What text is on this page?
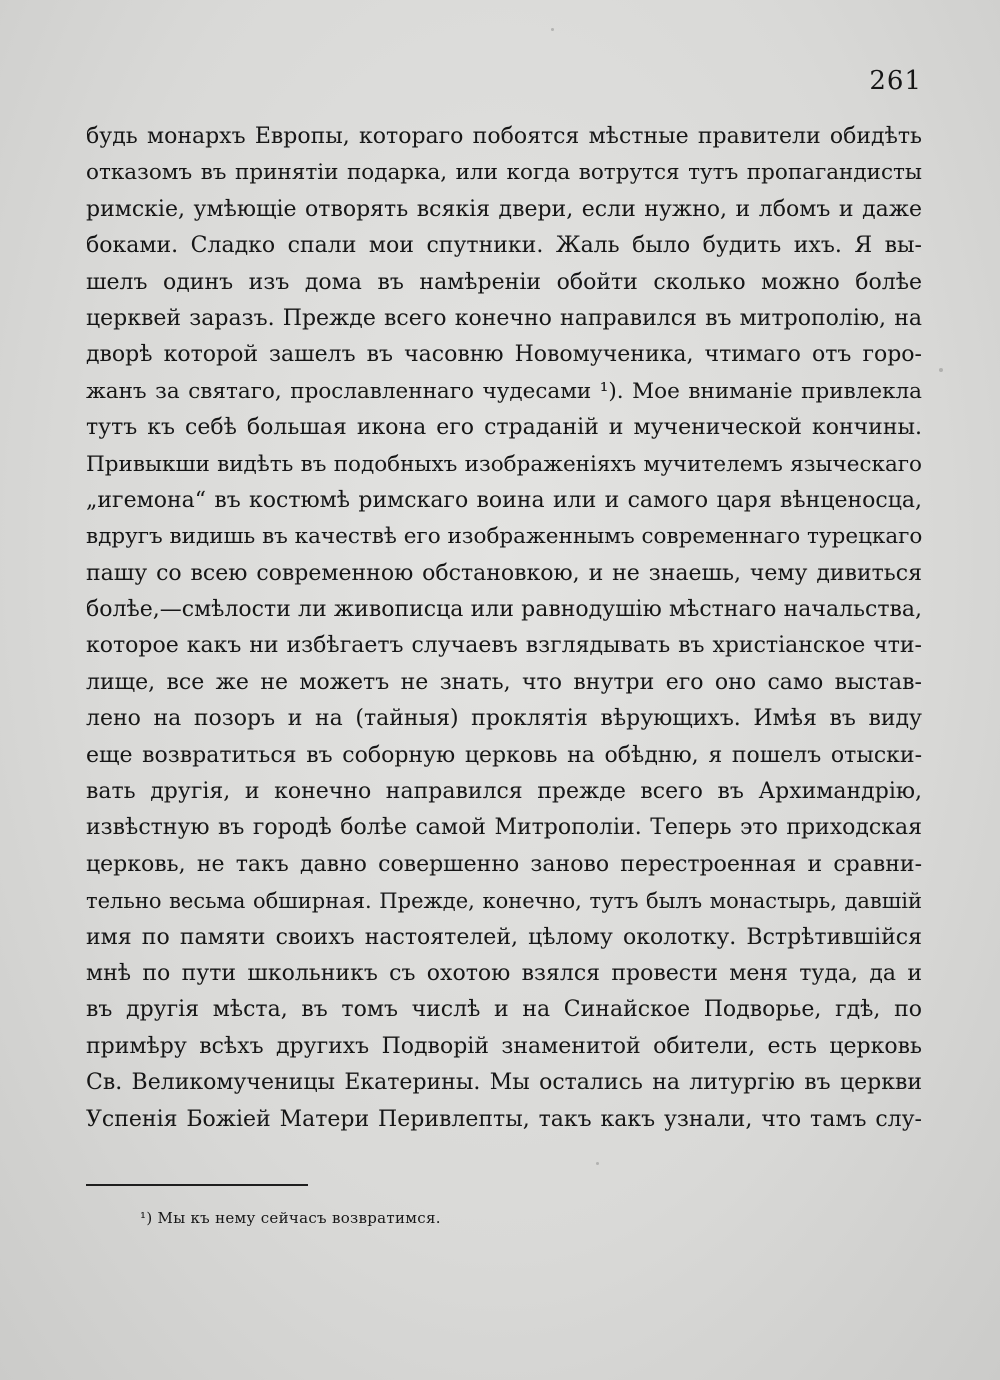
261
будь монархъ Европы, котораго побоятся мѣстные правители обидѣть
отказомъ въ принятіи подарка, или когда вотрутся тутъ пропагандисты
римскіе, умѣющіе отворять всякія двери, если нужно, и лбомъ и даже
боками. Сладко спали мои спутники. Жаль было будить ихъ. Я вы-
шелъ одинъ изъ дома въ намѣреніи обойти сколько можно болѣе
церквей заразъ. Прежде всего конечно направился въ митрополію, на
дворѣ которой зашелъ въ часовню Новомученика, чтимаго отъ горо-
жанъ за святаго, прославленнаго чудесами ¹). Мое вниманіе привлекла
тутъ къ себѣ большая икона его страданій и мученической кончины.
Привыкши видѣть въ подобныхъ изображеніяхъ мучителемъ языческаго
„игемона“ въ костюмѣ римскаго воина или и самого царя вѣнценосца,
вдругъ видишь въ качествѣ его изображеннымъ современнаго турецкаго
пашу со всею современною обстановкою, и не знаешь, чему дивиться
болѣе,—смѣлости ли живописца или равнодушію мѣстнаго начальства,
которое какъ ни избѣгаетъ случаевъ взглядывать въ христіанское чти-
лище, все же не можетъ не знать, что внутри его оно само выстав-
лено на позоръ и на (тайныя) проклятія вѣрующихъ. Имѣя въ виду
еще возвратиться въ соборную церковь на обѣдню, я пошелъ отыски-
вать другія, и конечно направился прежде всего въ Архимандрію,
извѣстную въ городѣ болѣе самой Митрополіи. Теперь это приходская
церковь, не такъ давно совершенно заново перестроенная и сравни-
тельно весьма обширная. Прежде, конечно, тутъ былъ монастырь, давшій
имя по памяти своихъ настоятелей, цѣлому околотку. Встрѣтившійся
мнѣ по пути школьникъ съ охотою взялся провести меня туда, да и
въ другія мѣста, въ томъ числѣ и на Синайское Подворье, гдѣ, по
примѣру всѣхъ другихъ Подворій знаменитой обители, есть церковь
Св. Великомученицы Екатерины. Мы остались на литургію въ церкви
Успенія Божіей Матери Перивлепты, такъ какъ узнали, что тамъ слу-
¹) Мы къ нему сейчасъ возвратимся.
